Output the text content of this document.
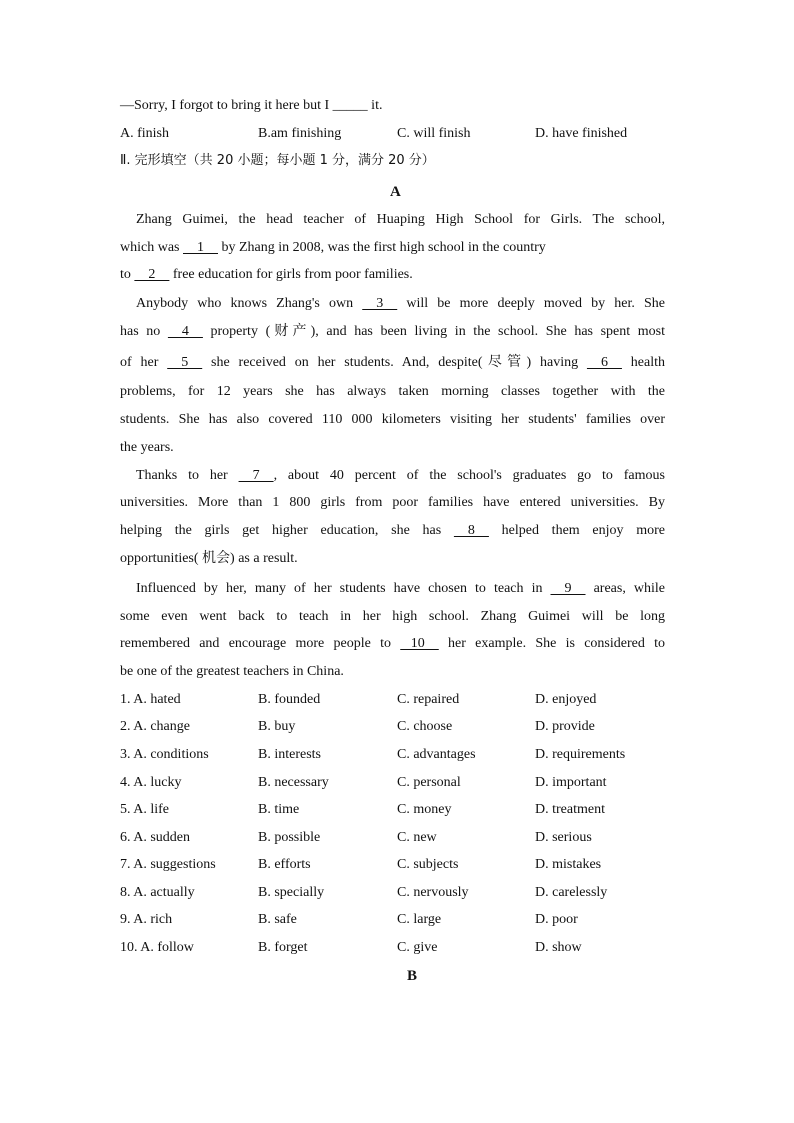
—Sorry, I forgot to bring it here but I _____ it.
A. finish	B.am finishing	C. will finish	D. have finished
Ⅱ. 完形填空（共 20 小题；每小题 1 分，满分 20 分）
A
Zhang Guimei, the head teacher of Huaping High School for Girls. The school,
which was     1     by Zhang in 2008, was the first high school in the country
to     2     free education for girls from poor families.
Anybody who knows Zhang's own     3     will be more deeply moved by her. She
has no     4     property (财产), and has been living in the school. She has spent most
of her     5     she received on her students. And, despite(尽管) having     6     health
problems, for 12 years she has always taken morning classes together with the
students. She has also covered 110 000 kilometers visiting her students' families over
the years.
Thanks to her     7    , about 40 percent of the school's graduates go to famous
universities. More than 1 800 girls from poor families have entered universities. By
helping the girls get higher education, she has     8     helped them enjoy more
opportunities( 机会) as a result.
Influenced by her, many of her students have chosen to teach in     9     areas, while
some even went back to teach in her high school. Zhang Guimei will be long
remembered and encourage more people to    10     her example. She is considered to
be one of the greatest teachers in China.
1. A. hated	B. founded	C. repaired	D. enjoyed
2. A. change	B. buy	C. choose	D. provide
3. A. conditions	B. interests	C. advantages	D. requirements
4. A. lucky	B. necessary	C. personal	D. important
5. A. life	B. time	C. money	D. treatment
6. A. sudden	B. possible	C. new	D. serious
7. A. suggestions	B. efforts	C. subjects	D. mistakes
8. A. actually	B. specially	C. nervously	D. carelessly
9. A. rich	B. safe	C. large	D. poor
10. A. follow	B. forget	C. give	D. show
B
